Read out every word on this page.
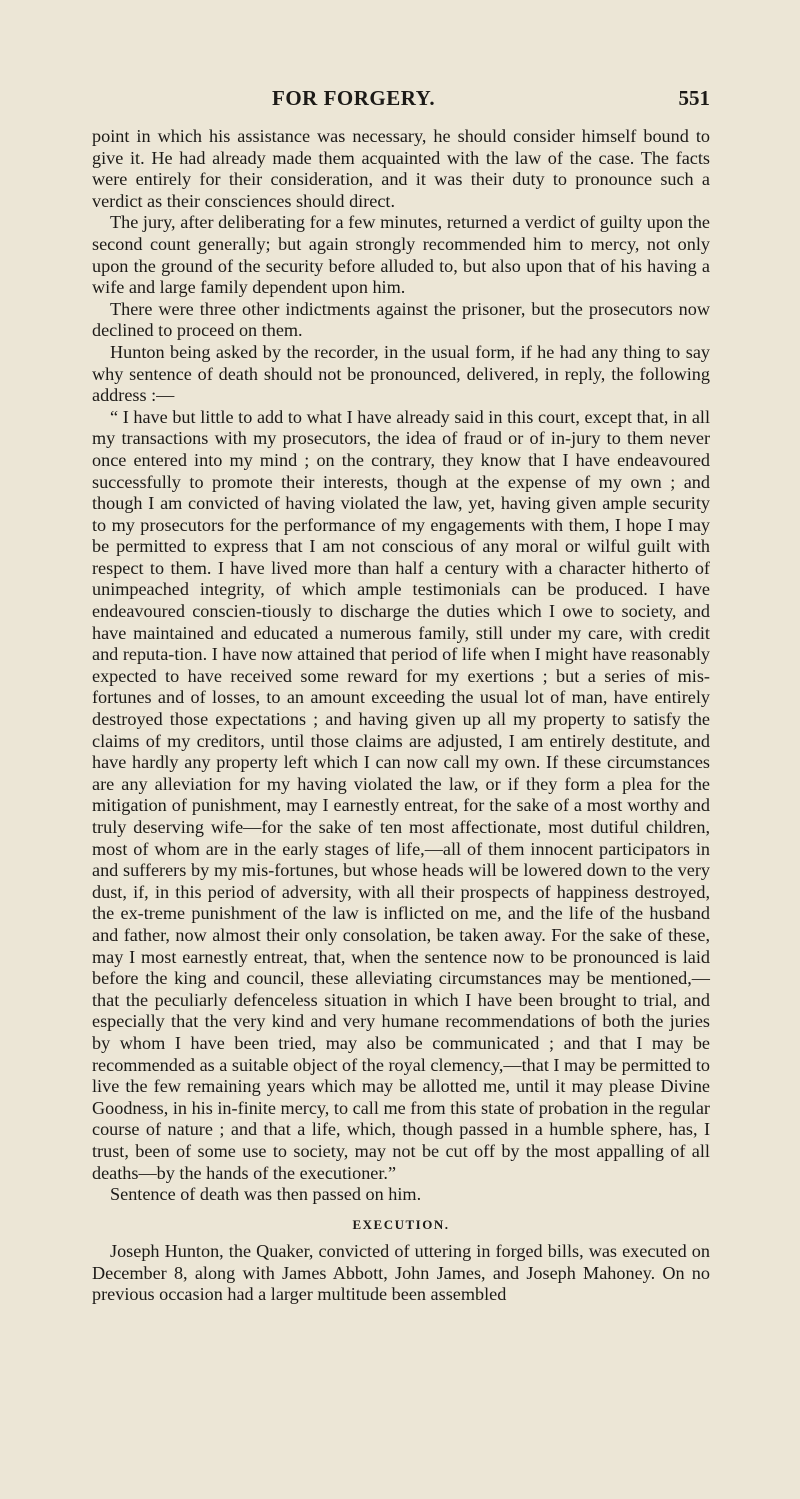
FOR FORGERY.	551

point in which his assistance was necessary, he should consider himself bound to give it. He had already made them acquainted with the law of the case. The facts were entirely for their consideration, and it was their duty to pronounce such a verdict as their consciences should direct.

The jury, after deliberating for a few minutes, returned a verdict of guilty upon the second count generally; but again strongly recommended him to mercy, not only upon the ground of the security before alluded to, but also upon that of his having a wife and large family dependent upon him.

There were three other indictments against the prisoner, but the prosecutors now declined to proceed on them.

Hunton being asked by the recorder, in the usual form, if he had any thing to say why sentence of death should not be pronounced, delivered, in reply, the following address :—

“ I have but little to add to what I have already said in this court, except that, in all my transactions with my prosecutors, the idea of fraud or of in-jury to them never once entered into my mind ; on the contrary, they know that I have endeavoured successfully to promote their interests, though at the expense of my own ; and though I am convicted of having violated the law, yet, having given ample security to my prosecutors for the performance of my engagements with them, I hope I may be permitted to express that I am not conscious of any moral or wilful guilt with respect to them. I have lived more than half a century with a character hitherto of unimpeached integrity, of which ample testimonials can be produced. I have endeavoured conscien-tiously to discharge the duties which I owe to society, and have maintained and educated a numerous family, still under my care, with credit and reputa-tion. I have now attained that period of life when I might have reasonably expected to have received some reward for my exertions ; but a series of mis-fortunes and of losses, to an amount exceeding the usual lot of man, have entirely destroyed those expectations ; and having given up all my property to satisfy the claims of my creditors, until those claims are adjusted, I am entirely destitute, and have hardly any property left which I can now call my own. If these circumstances are any alleviation for my having violated the law, or if they form a plea for the mitigation of punishment, may I earnestly entreat, for the sake of a most worthy and truly deserving wife—for the sake of ten most affectionate, most dutiful children, most of whom are in the early stages of life,—all of them innocent participators in and sufferers by my mis-fortunes, but whose heads will be lowered down to the very dust, if, in this period of adversity, with all their prospects of happiness destroyed, the ex-treme punishment of the law is inflicted on me, and the life of the husband and father, now almost their only consolation, be taken away. For the sake of these, may I most earnestly entreat, that, when the sentence now to be pronounced is laid before the king and council, these alleviating circumstances may be mentioned,—that the peculiarly defenceless situation in which I have been brought to trial, and especially that the very kind and very humane recommendations of both the juries by whom I have been tried, may also be communicated ; and that I may be recommended as a suitable object of the royal clemency,—that I may be permitted to live the few remaining years which may be allotted me, until it may please Divine Goodness, in his in-finite mercy, to call me from this state of probation in the regular course of nature ; and that a life, which, though passed in a humble sphere, has, I trust, been of some use to society, may not be cut off by the most appalling of all deaths—by the hands of the executioner.”

Sentence of death was then passed on him.

EXECUTION.

Joseph Hunton, the Quaker, convicted of uttering in forged bills, was executed on December 8, along with James Abbott, John James, and Joseph Mahoney. On no previous occasion had a larger multitude been assembled
